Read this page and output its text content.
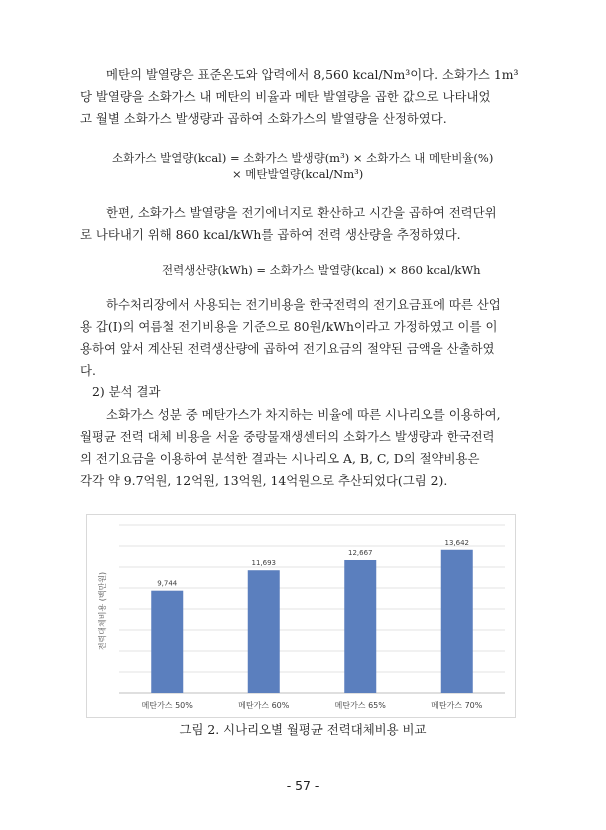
메탄의 발열량은 표준온도와 압력에서 8,560 kcal/Nm³이다. 소화가스 1m³
당 발열량을 소화가스 내 메탄의 비율과 메탄 발열량을 곱한 값으로 나타내었
고 월별 소화가스 발생량과 곱하여 소화가스의 발열량을 산정하였다.

소화가스 발열량(kcal) = 소화가스 발생량(m³) × 소화가스 내 메탄비율(%)
× 메탄발열량(kcal/Nm³)

한편, 소화가스 발열량을 전기에너지로 환산하고 시간을 곱하여 전력단위
로 나타내기 위해 860 kcal/kWh를 곱하여 전력 생산량을 추정하였다.

전력생산량(kWh) = 소화가스 발열량(kcal) × 860 kcal/kWh

하수처리장에서 사용되는 전기비용을 한국전력의 전기요금표에 따른 산업
용 갑(I)의 여름철 전기비용을 기준으로 80원/kWh이라고 가정하였고 이를 이
용하여 앞서 계산된 전력생산량에 곱하여 전기요금의 절약된 금액을 산출하였
다.

2) 분석 결과

소화가스 성분 중 메탄가스가 차지하는 비율에 따른 시나리오를 이용하여,
월평균 전력 대체 비용을 서울 중랑물재생센터의 소화가스 발생량과 한국전력
의 전기요금을 이용하여 분석한 결과는 시나리오 A, B, C, D의 절약비용은
각각 약 9.7억원, 12억원, 13억원, 14억원으로 추산되었다(그림 2).

전력대체비용 (백만원)	9,744
11,693
12,667
13,642
메탄가스 50%	메탄가스 60%	메탄가스 65%	메탄가스 70%
그림 2. 시나리오별 월평균 전력대체비용 비교
- 57 -
